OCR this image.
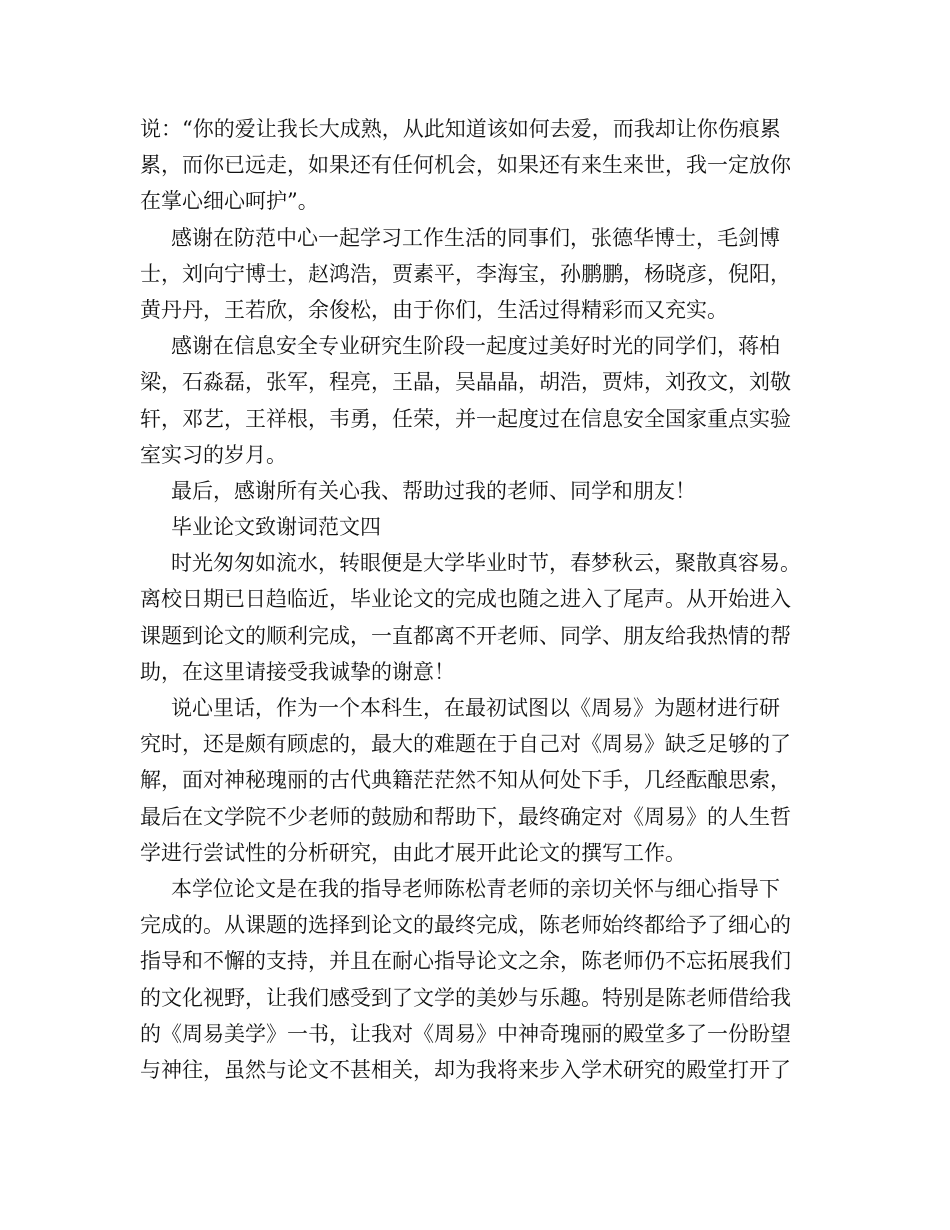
说：“你的爱让我长大成熟，从此知道该如何去爱，而我却让你伤痕累
累，而你已远走，如果还有任何机会，如果还有来生来世，我一定放你
在掌心细心呵护”。
感谢在防范中心一起学习工作生活的同事们，张德华博士，毛剑博
士，刘向宁博士，赵鸿浩，贾素平，李海宝，孙鹏鹏，杨晓彦，倪阳，
黄丹丹，王若欣，余俊松，由于你们，生活过得精彩而又充实。
感谢在信息安全专业研究生阶段一起度过美好时光的同学们，蒋柏
梁，石淼磊，张军，程亮，王晶，吴晶晶，胡浩，贾炜，刘孜文，刘敬
轩，邓艺，王祥根，韦勇，任荣，并一起度过在信息安全国家重点实验
室实习的岁月。
最后，感谢所有关心我、帮助过我的老师、同学和朋友！
毕业论文致谢词范文四
时光匆匆如流水，转眼便是大学毕业时节，春梦秋云，聚散真容易。
离校日期已日趋临近，毕业论文的完成也随之进入了尾声。从开始进入
课题到论文的顺利完成，一直都离不开老师、同学、朋友给我热情的帮
助，在这里请接受我诚挚的谢意！
说心里话，作为一个本科生，在最初试图以《周易》为题材进行研
究时，还是颇有顾虑的，最大的难题在于自己对《周易》缺乏足够的了
解，面对神秘瑰丽的古代典籍茫茫然不知从何处下手，几经酝酿思索，
最后在文学院不少老师的鼓励和帮助下，最终确定对《周易》的人生哲
学进行尝试性的分析研究，由此才展开此论文的撰写工作。
本学位论文是在我的指导老师陈松青老师的亲切关怀与细心指导下
完成的。从课题的选择到论文的最终完成，陈老师始终都给予了细心的
指导和不懈的支持，并且在耐心指导论文之余，陈老师仍不忘拓展我们
的文化视野，让我们感受到了文学的美妙与乐趣。特别是陈老师借给我
的《周易美学》一书，让我对《周易》中神奇瑰丽的殿堂多了一份盼望
与神往，虽然与论文不甚相关，却为我将来步入学术研究的殿堂打开了
